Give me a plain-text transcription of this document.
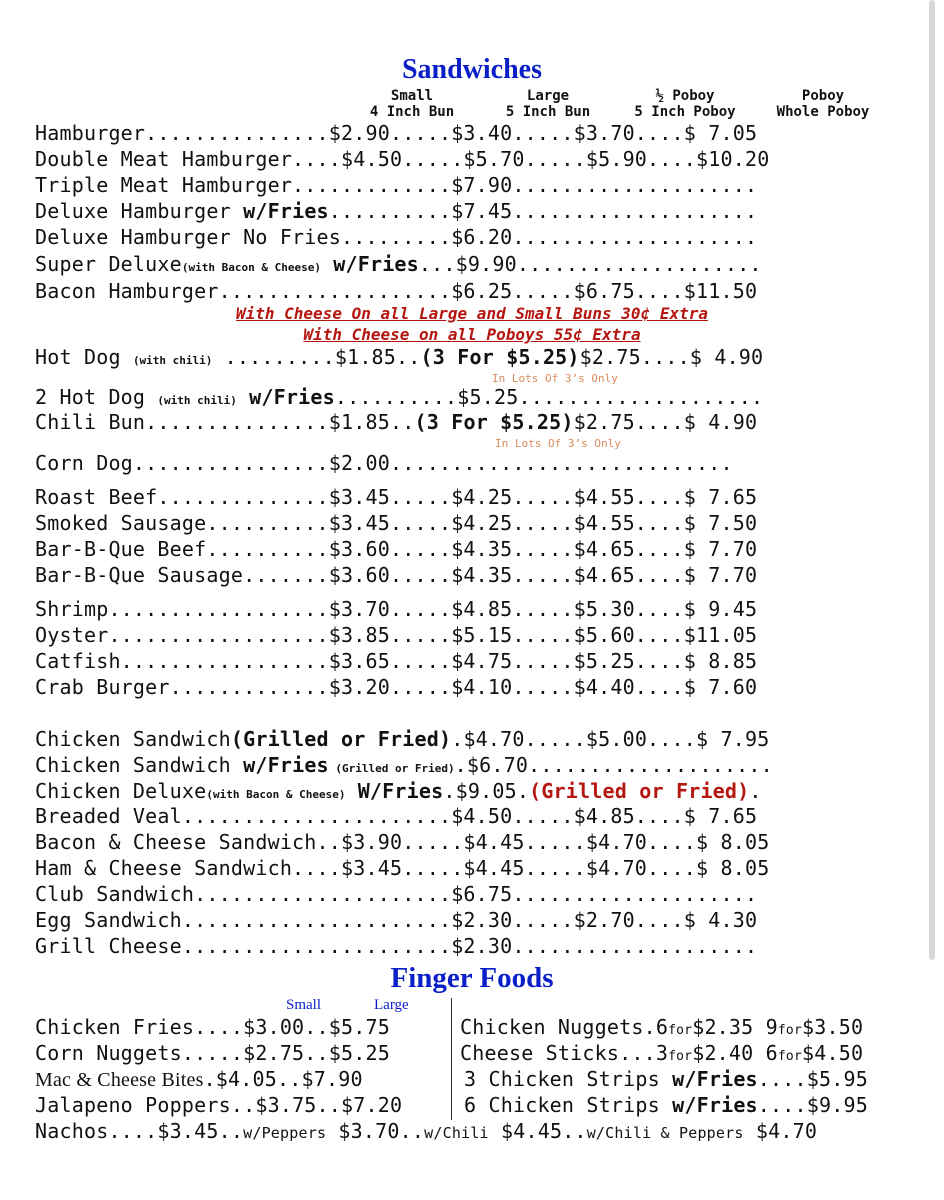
Sandwiches
Small
4 Inch Bun
Large
5 Inch Bun
½ Poboy
5 Inch Poboy
Poboy
Whole Poboy
Hamburger...............$2.90.....$3.40.....$3.70....$ 7.05
Double Meat Hamburger....$4.50.....$5.70.....$5.90....$10.20
Triple Meat Hamburger.............$7.90....................
Deluxe Hamburger w/Fries..........$7.45....................
Deluxe Hamburger No Fries.........$6.20....................
Super Deluxe(with Bacon & Cheese) w/Fries...$9.90....................
Bacon Hamburger...................$6.25.....$6.75....$11.50
With Cheese On all Large and Small Buns 30¢ Extra
With Cheese on all Poboys 55¢ Extra
Hot Dog (with chili) .........$1.85..(3 For $5.25)$2.75....$ 4.90
In Lots Of 3’s Only
2 Hot Dog (with chili) w/Fries..........$5.25....................
Chili Bun...............$1.85..(3 For $5.25)$2.75....$ 4.90
In Lots Of 3’s Only
Corn Dog................$2.00............................
Roast Beef..............$3.45.....$4.25.....$4.55....$ 7.65
Smoked Sausage..........$3.45.....$4.25.....$4.55....$ 7.50
Bar-B-Que Beef..........$3.60.....$4.35.....$4.65....$ 7.70
Bar-B-Que Sausage.......$3.60.....$4.35.....$4.65....$ 7.70
Shrimp..................$3.70.....$4.85.....$5.30....$ 9.45
Oyster..................$3.85.....$5.15.....$5.60....$11.05
Catfish.................$3.65.....$4.75.....$5.25....$ 8.85
Crab Burger.............$3.20.....$4.10.....$4.40....$ 7.60
Chicken Sandwich(Grilled or Fried).$4.70.....$5.00....$ 7.95
Chicken Sandwich w/Fries (Grilled or Fried).$6.70....................
Chicken Deluxe(with Bacon & Cheese) W/Fries.$9.05.(Grilled or Fried).
Breaded Veal......................$4.50.....$4.85....$ 7.65
Bacon & Cheese Sandwich..$3.90.....$4.45.....$4.70....$ 8.05
Ham & Cheese Sandwich....$3.45.....$4.45.....$4.70....$ 8.05
Club Sandwich.....................$6.75....................
Egg Sandwich......................$2.30.....$2.70....$ 4.30
Grill Cheese......................$2.30....................
Finger Foods
Small	Large
Chicken Fries....$3.00..$5.75
Corn Nuggets.....$2.75..$5.25
Mac & Cheese Bites.$4.05..$7.90
Jalapeno Poppers..$3.75..$7.20
Chicken Nuggets.6for$2.35 9for$3.50
Cheese Sticks...3for$2.40 6for$4.50
3 Chicken Strips w/Fries....$5.95
6 Chicken Strips w/Fries....$9.95
Nachos....$3.45..w/Peppers $3.70..w/Chili $4.45..w/Chili & Peppers $4.70
